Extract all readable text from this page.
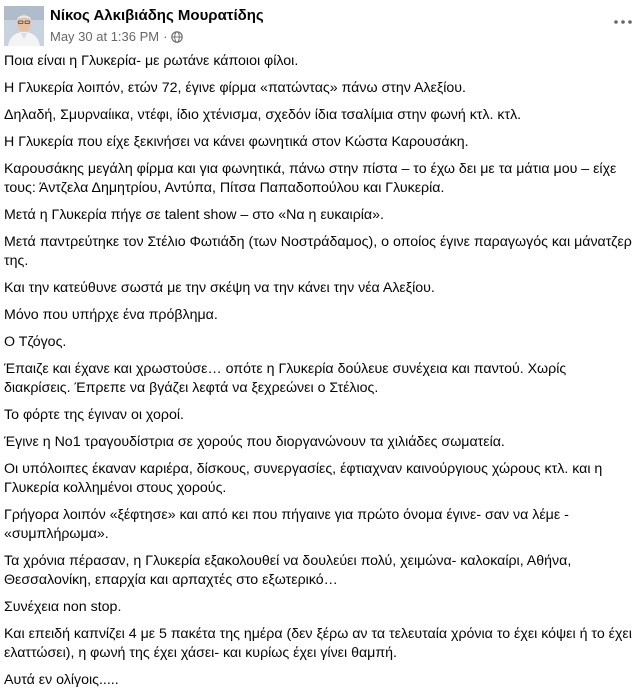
Νίκος Αλκιβιάδης Μουρατίδης
May 30 at 1:36 PM ·

Ποια είναι η Γλυκερία- με ρωτάνε κάποιοι φίλοι.

Η Γλυκερία λοιπόν, ετών 72, έγινε φίρμα «πατώντας» πάνω στην Αλεξίου.

Δηλαδή, Σμυρναίικα, ντέφι, ίδιο χτένισμα, σχεδόν ίδια τσαλίμια στην φωνή κτλ. κτλ.

Η Γλυκερία που είχε ξεκινήσει να κάνει φωνητικά στον Κώστα Καρουσάκη.

Καρουσάκης μεγάλη φίρμα και για φωνητικά, πάνω στην πίστα – το έχω δει με τα μάτια μου – είχε τους: Άντζελα Δημητρίου, Αντύπα, Πίτσα Παπαδοπούλου και Γλυκερία.

Μετά η Γλυκερία πήγε σε talent show – στο «Να η ευκαιρία».

Μετά παντρεύτηκε τον Στέλιο Φωτιάδη (των Νοστράδαμος), ο οποίος έγινε παραγωγός και μάνατζερ της.

Και την κατεύθυνε σωστά με την σκέψη να την κάνει την νέα Αλεξίου.

Μόνο που υπήρχε ένα πρόβλημα.

Ο Τζόγος.

Έπαιζε και έχανε και χρωστούσε… οπότε η Γλυκερία δούλευε συνέχεια και παντού. Χωρίς διακρίσεις. Έπρεπε να βγάζει λεφτά να ξεχρεώνει ο Στέλιος.

Το φόρτε της έγιναν οι χοροί.

Έγινε η Νο1 τραγουδίστρια σε χορούς που διοργανώνουν τα χιλιάδες σωματεία.

Οι υπόλοιπες έκαναν καριέρα, δίσκους, συνεργασίες, έφτιαχναν καινούργιους χώρους κτλ. και η Γλυκερία κολλημένοι στους χορούς.

Γρήγορα λοιπόν «ξέφτησε» και από κει που πήγαινε για πρώτο όνομα έγινε- σαν να λέμε - «συμπλήρωμα».

Τα χρόνια πέρασαν, η Γλυκερία εξακολουθεί να δουλεύει πολύ, χειμώνα- καλοκαίρι, Αθήνα, Θεσσαλονίκη, επαρχία και αρπαχτές στο εξωτερικό…

Συνέχεια non stop.

Και επειδή καπνίζει 4 με 5 πακέτα της ημέρα (δεν ξέρω αν τα τελευταία χρόνια το έχει κόψει ή το έχει ελαττώσει), η φωνή της έχει χάσει- και κυρίως έχει γίνει θαμπή.

Αυτά εν ολίγοις.....
